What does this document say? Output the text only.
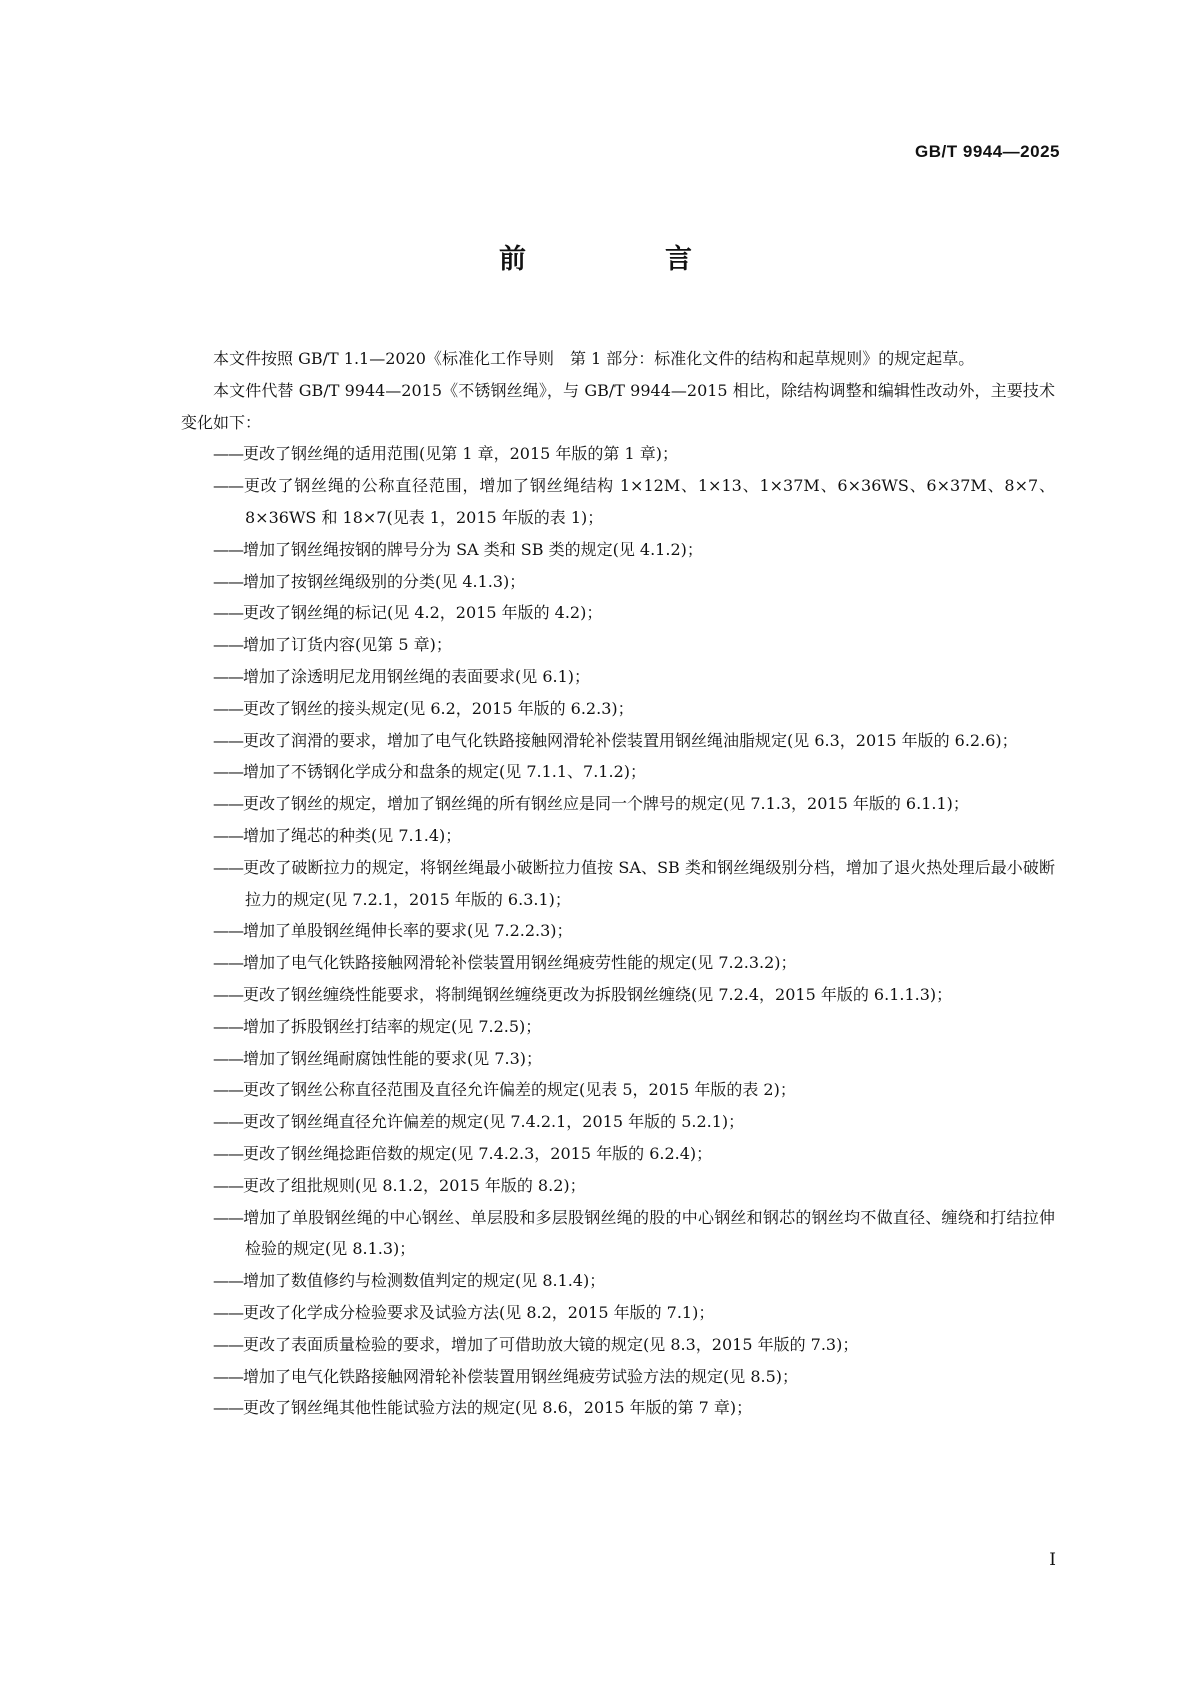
GB/T 9944—2025
前　言

本文件按照 GB/T 1.1—2020《标准化工作导则　第 1 部分：标准化文件的结构和起草规则》的规定起草。

本文件代替 GB/T 9944—2015《不锈钢丝绳》，与 GB/T 9944—2015 相比，除结构调整和编辑性改动外，主要技术变化如下：

——更改了钢丝绳的适用范围(见第 1 章，2015 年版的第 1 章)；
——更改了钢丝绳的公称直径范围，增加了钢丝绳结构 1×12M、1×13、1×37M、6×36WS、6×37M、8×7、8×36WS 和 18×7(见表 1，2015 年版的表 1)；
——增加了钢丝绳按钢的牌号分为 SA 类和 SB 类的规定(见 4.1.2)；
——增加了按钢丝绳级别的分类(见 4.1.3)；
——更改了钢丝绳的标记(见 4.2，2015 年版的 4.2)；
——增加了订货内容(见第 5 章)；
——增加了涂透明尼龙用钢丝绳的表面要求(见 6.1)；
——更改了钢丝的接头规定(见 6.2，2015 年版的 6.2.3)；
——更改了润滑的要求，增加了电气化铁路接触网滑轮补偿装置用钢丝绳油脂规定(见 6.3，2015 年版的 6.2.6)；
——增加了不锈钢化学成分和盘条的规定(见 7.1.1、7.1.2)；
——更改了钢丝的规定，增加了钢丝绳的所有钢丝应是同一个牌号的规定(见 7.1.3，2015 年版的 6.1.1)；
——增加了绳芯的种类(见 7.1.4)；
——更改了破断拉力的规定，将钢丝绳最小破断拉力值按 SA、SB 类和钢丝绳级别分档，增加了退火热处理后最小破断拉力的规定(见 7.2.1，2015 年版的 6.3.1)；
——增加了单股钢丝绳伸长率的要求(见 7.2.2.3)；
——增加了电气化铁路接触网滑轮补偿装置用钢丝绳疲劳性能的规定(见 7.2.3.2)；
——更改了钢丝缠绕性能要求，将制绳钢丝缠绕更改为拆股钢丝缠绕(见 7.2.4，2015 年版的 6.1.1.3)；
——增加了拆股钢丝打结率的规定(见 7.2.5)；
——增加了钢丝绳耐腐蚀性能的要求(见 7.3)；
——更改了钢丝公称直径范围及直径允许偏差的规定(见表 5，2015 年版的表 2)；
——更改了钢丝绳直径允许偏差的规定(见 7.4.2.1，2015 年版的 5.2.1)；
——更改了钢丝绳捻距倍数的规定(见 7.4.2.3，2015 年版的 6.2.4)；
——更改了组批规则(见 8.1.2，2015 年版的 8.2)；
——增加了单股钢丝绳的中心钢丝、单层股和多层股钢丝绳的股的中心钢丝和钢芯的钢丝均不做直径、缠绕和打结拉伸检验的规定(见 8.1.3)；
——增加了数值修约与检测数值判定的规定(见 8.1.4)；
——更改了化学成分检验要求及试验方法(见 8.2，2015 年版的 7.1)；
——更改了表面质量检验的要求，增加了可借助放大镜的规定(见 8.3，2015 年版的 7.3)；
——增加了电气化铁路接触网滑轮补偿装置用钢丝绳疲劳试验方法的规定(见 8.5)；
——更改了钢丝绳其他性能试验方法的规定(见 8.6，2015 年版的第 7 章)；
I
